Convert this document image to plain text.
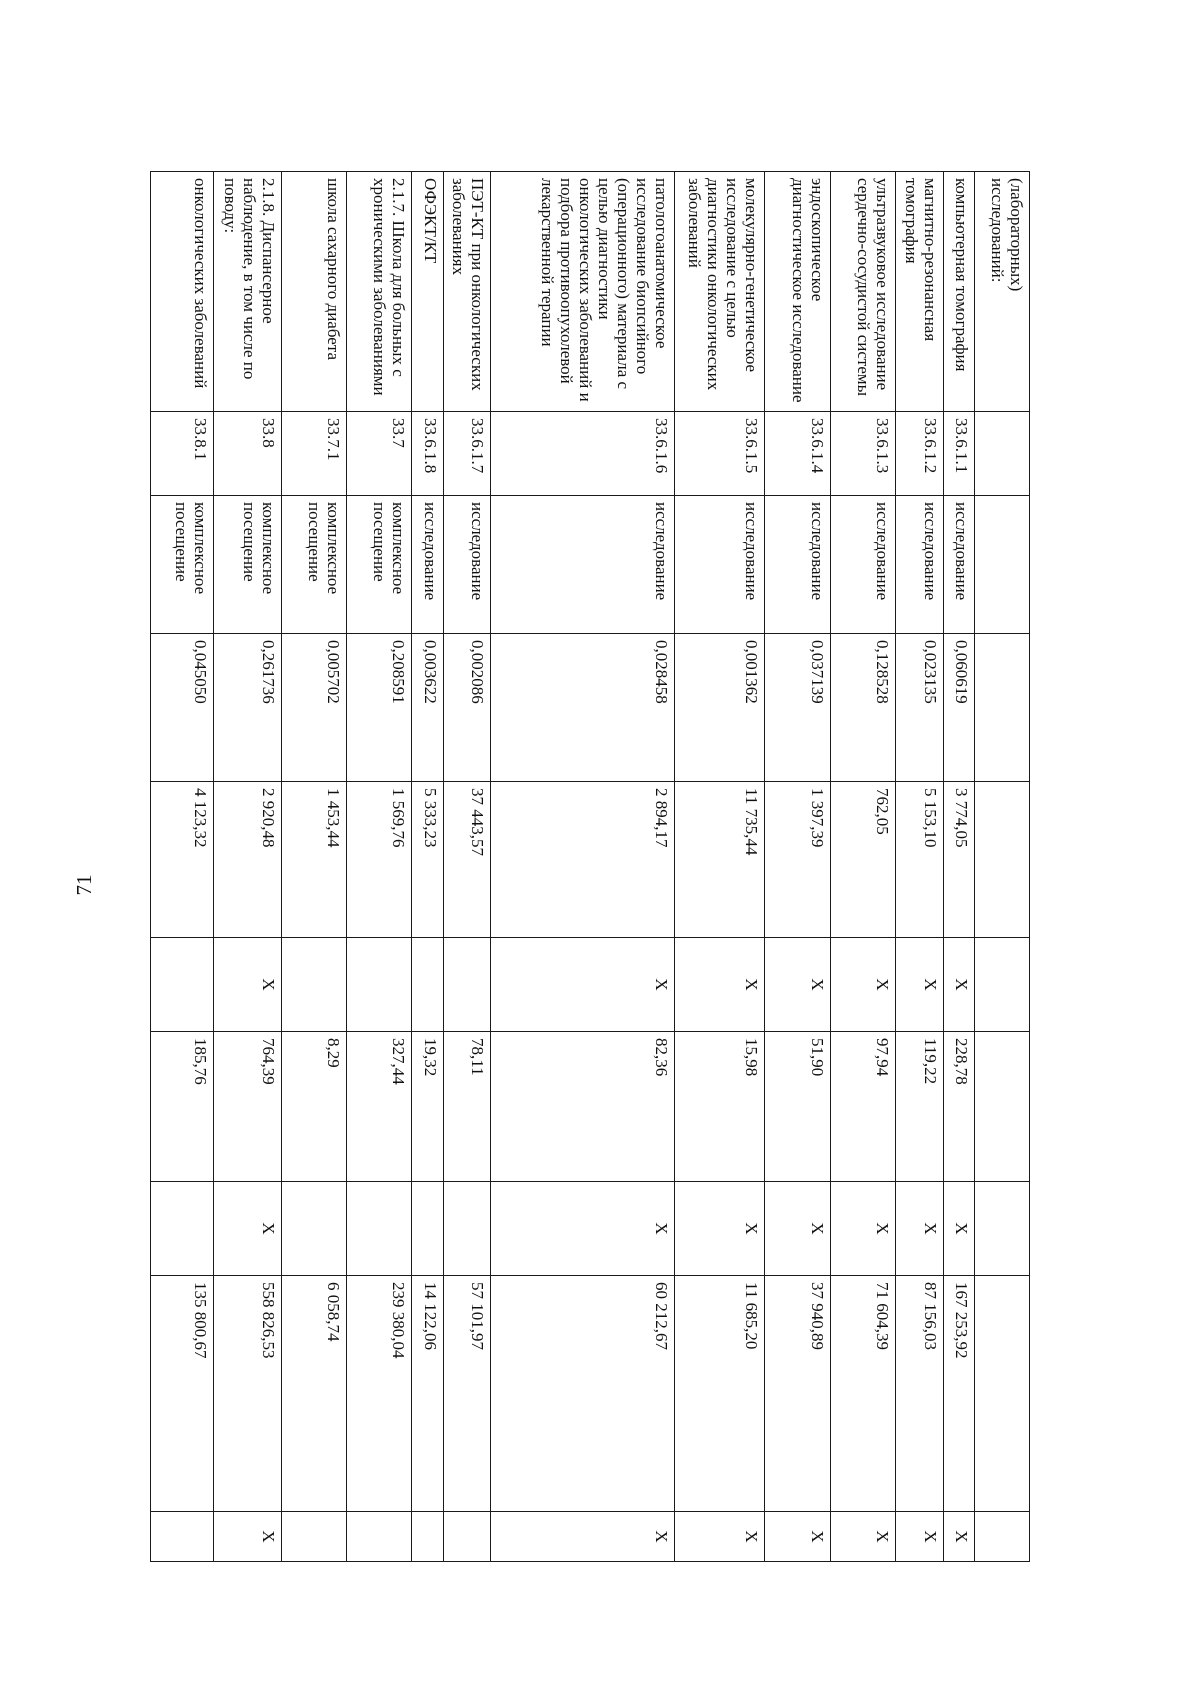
71
(лабораторных)
исследований:									
компьютерная томография	33.6.1.1	исследование	0,060619	3 774,05	X	228,78	X	167 253,92	X
магнитно-резонансная томография	33.6.1.2	исследование	0,023135	5 153,10	X	119,22	X	87 156,03	X
ультразвуковое исследование сердечно-сосудистой системы	33.6.1.3	исследование	0,128528	762,05	X	97,94	X	71 604,39	X
эндоскопическое диагностическое исследование	33.6.1.4	исследование	0,037139	1 397,39	X	51,90	X	37 940,89	X
молекулярно-генетическое исследование с целью диагностики онкологических заболеваний	33.6.1.5	исследование	0,001362	11 735,44	X	15,98	X	11 685,20	X
патологоанатомическое исследование биопсийного (операционного) материала с целью диагностики онкологических заболеваний и подбора противоопухолевой лекарственной терапии	33.6.1.6	исследование	0,028458	2 894,17	X	82,36	X	60 212,67	X
ПЭТ-КТ при онкологических заболеваниях	33.6.1.7	исследование	0,002086	37 443,57		78,11		57 101,97	
ОФЭКТ/КТ	33.6.1.8	исследование	0,003622	5 333,23		19,32		14 122,06	
2.1.7. Школа для больных с хроническими заболеваниями	33.7	комплексное посещение	0,208591	1 569,76		327,44		239 380,04	
школа сахарного диабета	33.7.1	комплексное посещение	0,005702	1 453,44		8,29		6 058,74	
2.1.8. Диспансерное наблюдение, в том числе по поводу:	33.8	комплексное посещение	0,261736	2 920,48	X	764,39	X	558 826,53	X
онкологических заболеваний	33.8.1	комплексное посещение	0,045050	4 123,32		185,76		135 800,67	
